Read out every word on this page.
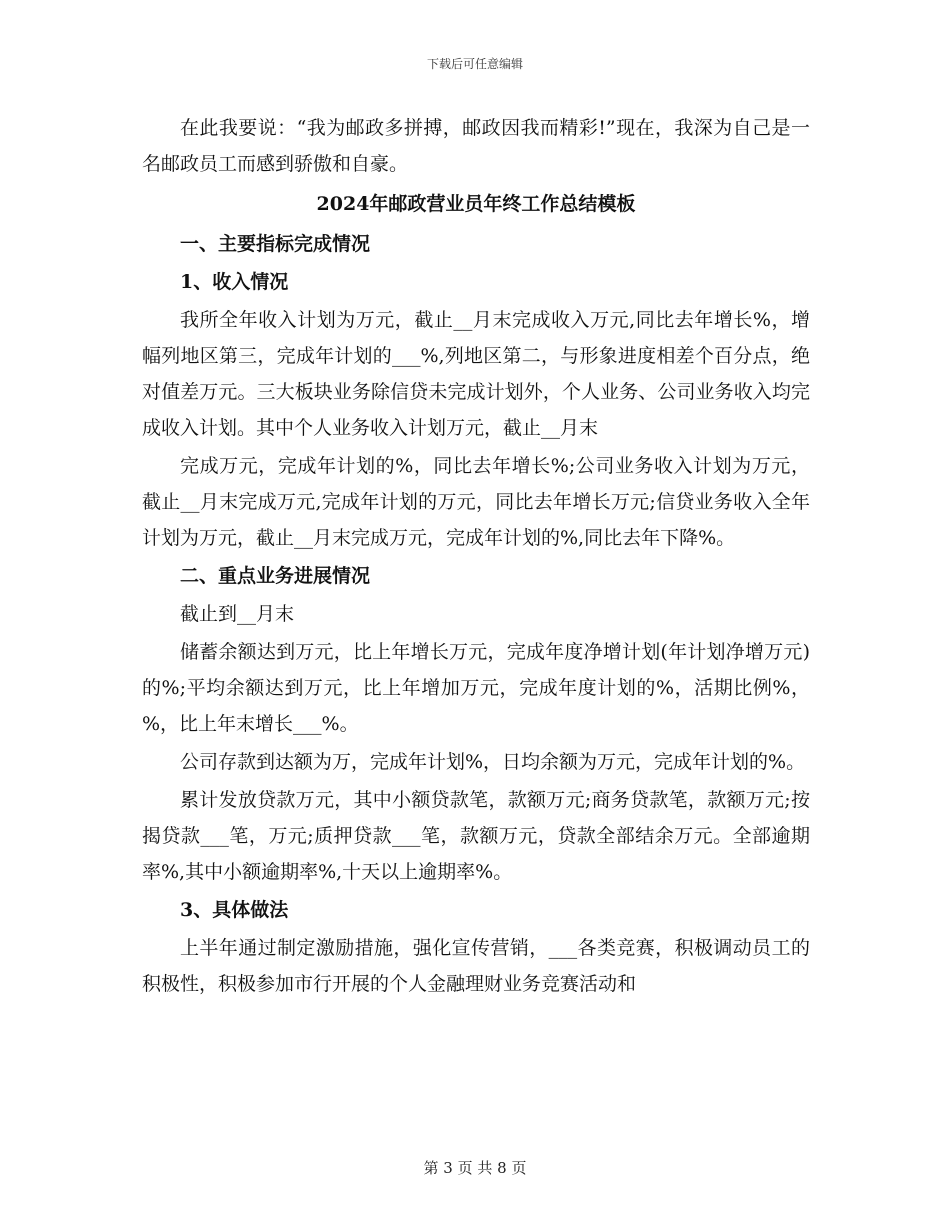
下载后可任意编辑

在此我要说：“我为邮政多拼搏，邮政因我而精彩!”现在，我深为自己是一名邮政员工而感到骄傲和自豪。

2024年邮政营业员年终工作总结模板
一、主要指标完成情况
1、收入情况

我所全年收入计划为万元，截止__月末完成收入万元,同比去年增长%，增幅列地区第三，完成年计划的___%,列地区第二，与形象进度相差个百分点，绝对值差万元。三大板块业务除信贷未完成计划外，个人业务、公司业务收入均完成收入计划。其中个人业务收入计划万元，截止__月末

完成万元，完成年计划的%，同比去年增长%;公司业务收入计划为万元，截止__月末完成万元,完成年计划的万元，同比去年增长万元;信贷业务收入全年计划为万元，截止__月末完成万元，完成年计划的%,同比去年下降%。

二、重点业务进展情况

截止到__月末

储蓄余额达到万元，比上年增长万元，完成年度净增计划(年计划净增万元)的%;平均余额达到万元，比上年增加万元，完成年度计划的%，活期比例%，%，比上年末增长___%。

公司存款到达额为万，完成年计划%，日均余额为万元，完成年计划的%。

累计发放贷款万元，其中小额贷款笔，款额万元;商务贷款笔，款额万元;按揭贷款___笔，万元;质押贷款___笔，款额万元，贷款全部结余万元。全部逾期率%,其中小额逾期率%,十天以上逾期率%。

3、具体做法

上半年通过制定激励措施，强化宣传营销，___各类竞赛，积极调动员工的积极性，积极参加市行开展的个人金融理财业务竞赛活动和

第 3 页 共 8 页
